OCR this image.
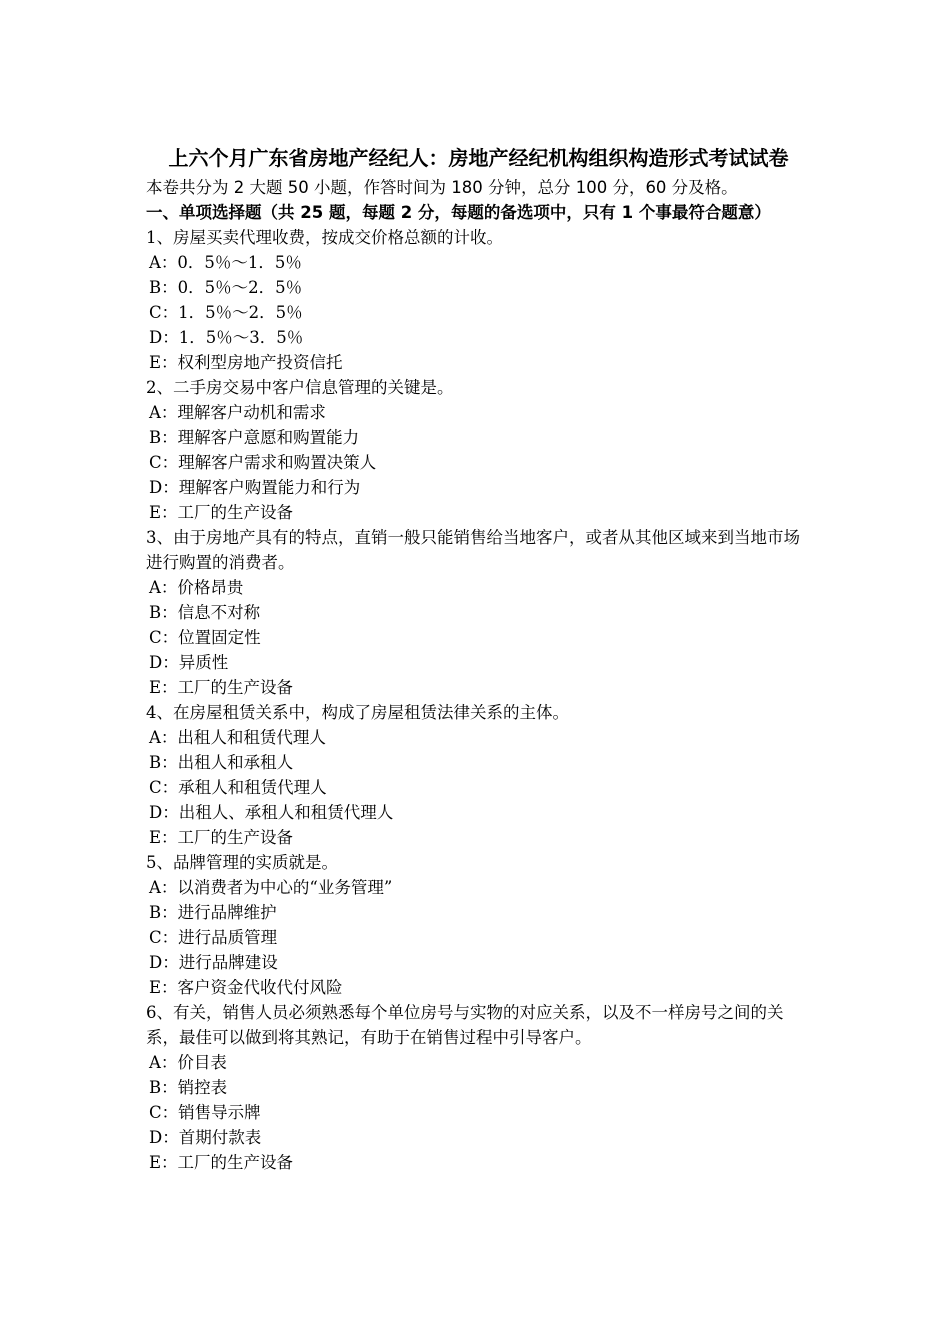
上六个月广东省房地产经纪人：房地产经纪机构组织构造形式考试试卷
本卷共分为 2 大题 50 小题，作答时间为 180 分钟，总分 100 分，60 分及格。
一、单项选择题（共 25 题，每题 2 分，每题的备选项中，只有 1 个事最符合题意）
1、房屋买卖代理收费，按成交价格总额的计收。
A：0．5％～1．5％
B：0．5％～2．5％
C：1．5％～2．5％
D：1．5％～3．5％
E：权利型房地产投资信托
2、二手房交易中客户信息管理的关键是。
A：理解客户动机和需求
B：理解客户意愿和购置能力
C：理解客户需求和购置决策人
D：理解客户购置能力和行为
E：工厂的生产设备
3、由于房地产具有的特点，直销一般只能销售给当地客户，或者从其他区域来到当地市场进行购置的消费者。
A：价格昂贵
B：信息不对称
C：位置固定性
D：异质性
E：工厂的生产设备
4、在房屋租赁关系中，构成了房屋租赁法律关系的主体。
A：出租人和租赁代理人
B：出租人和承租人
C：承租人和租赁代理人
D：出租人、承租人和租赁代理人
E：工厂的生产设备
5、品牌管理的实质就是。
A：以消费者为中心的“业务管理”
B：进行品牌维护
C：进行品质管理
D：进行品牌建设
E：客户资金代收代付风险
6、有关，销售人员必须熟悉每个单位房号与实物的对应关系，以及不一样房号之间的关系，最佳可以做到将其熟记，有助于在销售过程中引导客户。
A：价目表
B：销控表
C：销售导示牌
D：首期付款表
E：工厂的生产设备
